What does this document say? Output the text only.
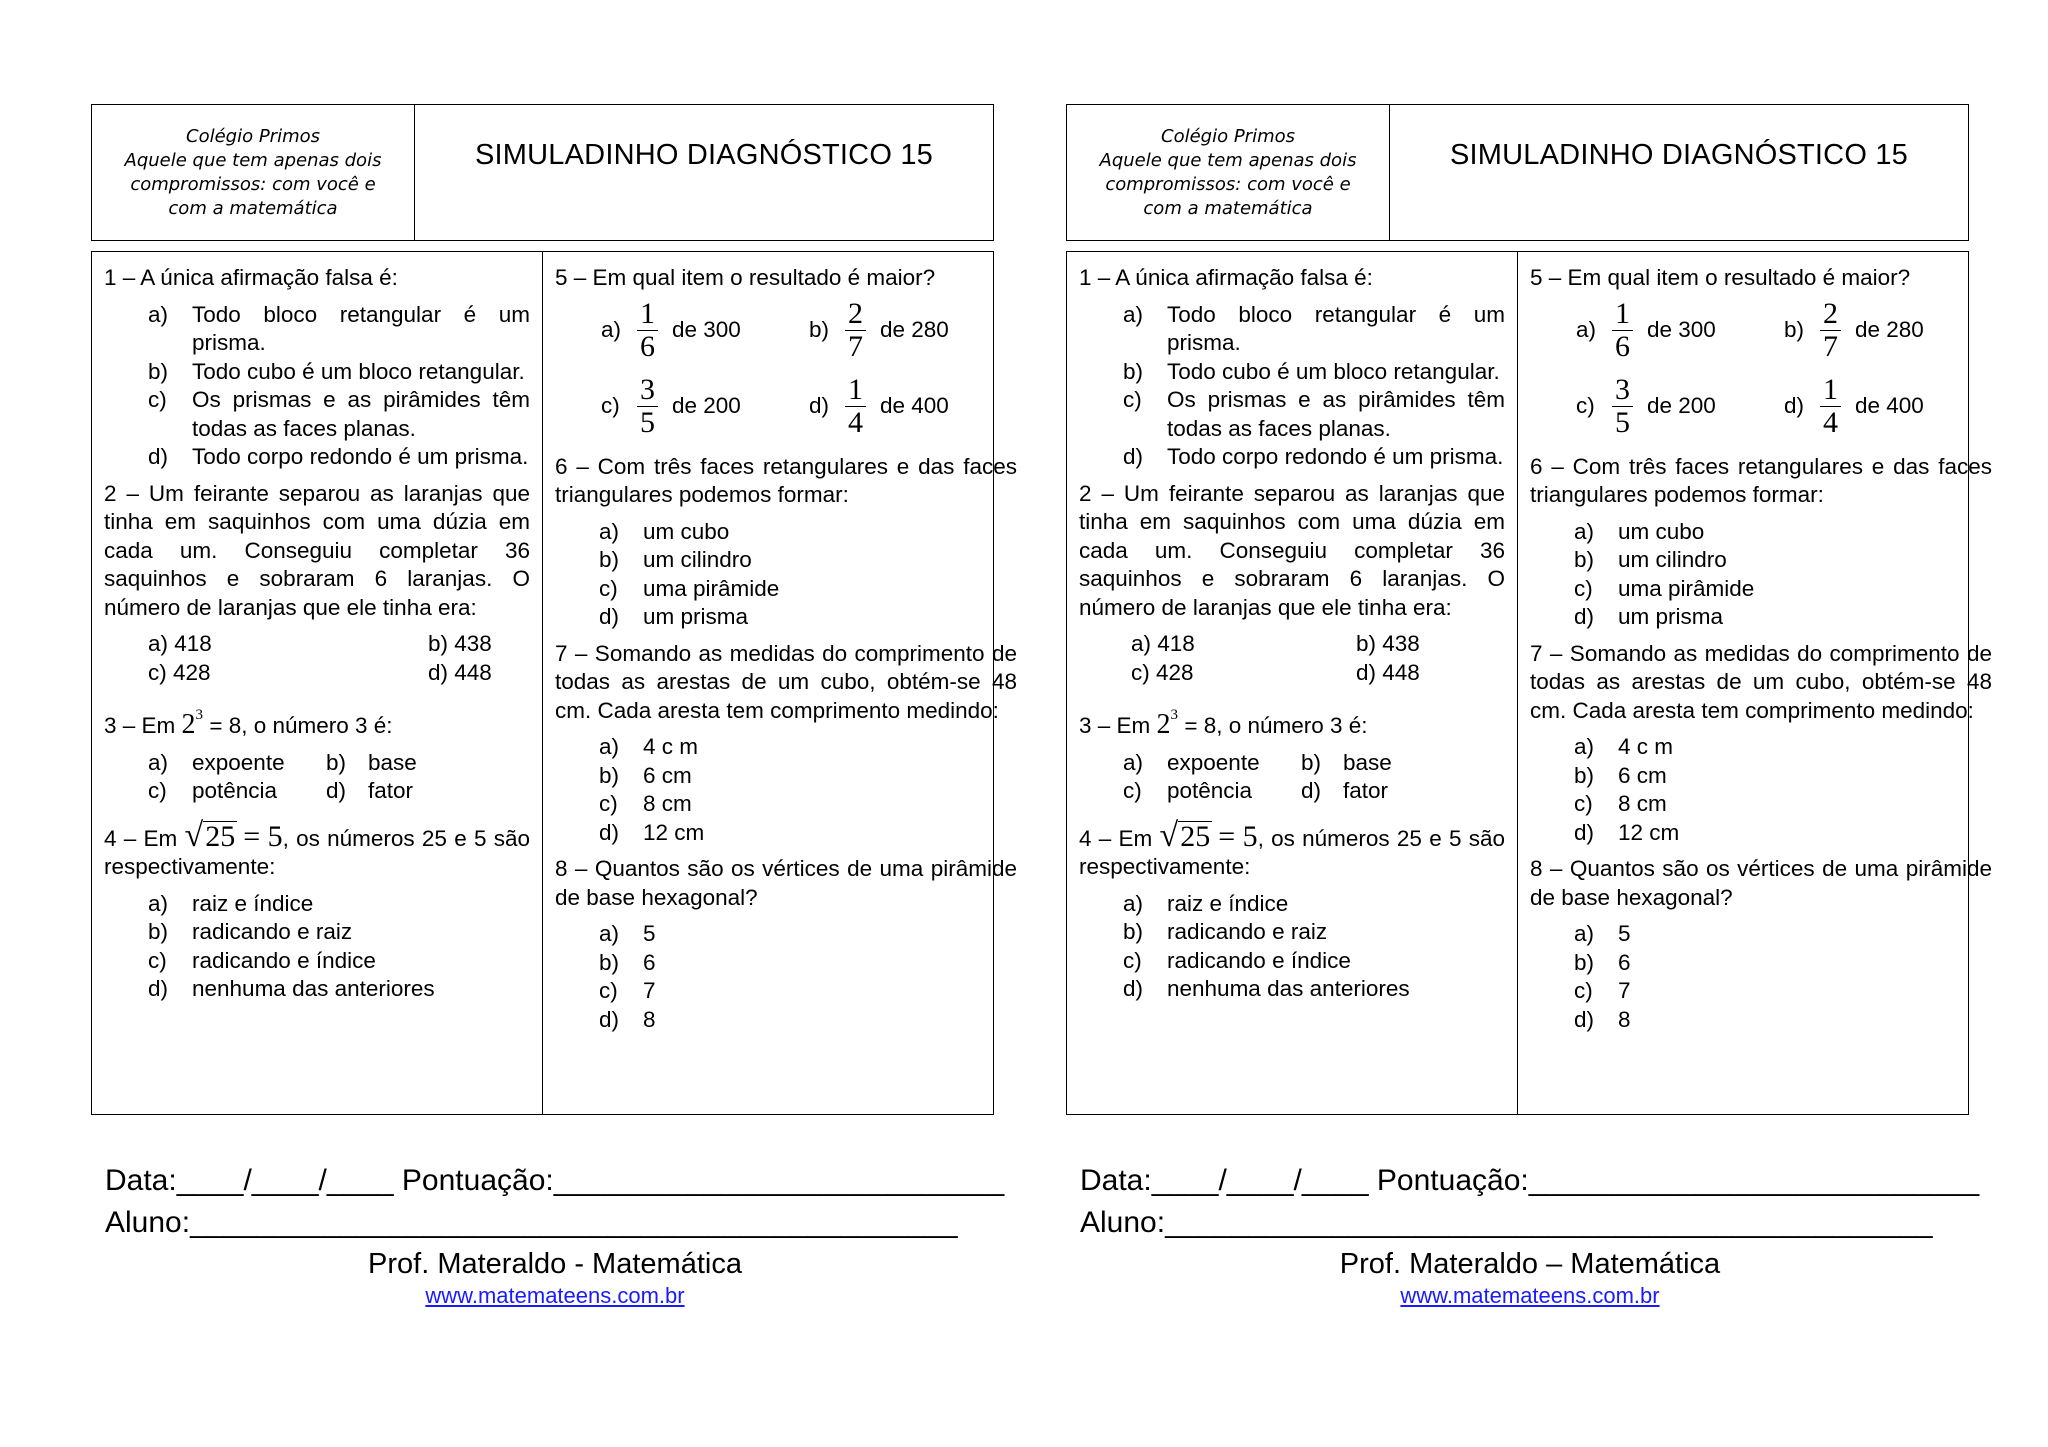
Colégio Primos
Aquele que tem apenas dois
compromissos: com você e
com a matemática
SIMULADINHO DIAGNÓSTICO 15

1 – A única afirmação falsa é:

a)	Todo bloco retangular é um prisma.
b)	Todo cubo é um bloco retangular.
c)	Os prismas e as pirâmides têm todas as faces planas.
d)	Todo corpo redondo é um prisma.

2 – Um feirante separou as laranjas que tinha em saquinhos com uma dúzia em cada um. Conseguiu completar 36 saquinhos e sobraram 6 laranjas. O número de laranjas que ele tinha era:

a) 418	b) 438
c) 428	d) 448

3 – Em $2^3 = 8$, o número 3 é:

a)	expoente b) base
c)	potência d) fator

4 – Em √ 25 = 5 , os números 25 e 5 são respectivamente:

a)	raiz e índice
b)	radicando e raiz
c)	radicando e índice
d)	nenhuma das anteriores

5 – Em qual item o resultado é maior?

$a) \frac{1}{6}$ de 300	$b) \frac{2}{7}$ de 280
$c) \frac{3}{5}$ de 200	$d) \frac{1}{4}$ de 400

6 – Com três faces retangulares e das faces triangulares podemos formar:

a)	um cubo
b)	um cilindro
c)	uma pirâmide
d)	um prisma

7 – Somando as medidas do comprimento de todas as arestas de um cubo, obtém-se 48 cm. Cada aresta tem comprimento medindo:

a)	4 c m
b)	6 cm
c)	8 cm
d)	12 cm

8 – Quantos são os vértices de uma pirâmide de base hexagonal?

a)	5
b)	6
c)	7
d)	8
Colégio Primos
Aquele que tem apenas dois
compromissos: com você e
com a matemática
SIMULADINHO DIAGNÓSTICO 15

1 – A única afirmação falsa é:

a)	Todo bloco retangular é um prisma.
b)	Todo cubo é um bloco retangular.
c)	Os prismas e as pirâmides têm todas as faces planas.
d)	Todo corpo redondo é um prisma.

2 – Um feirante separou as laranjas que tinha em saquinhos com uma dúzia em cada um. Conseguiu completar 36 saquinhos e sobraram 6 laranjas. O número de laranjas que ele tinha era:

a) 418	b) 438
c) 428	d) 448

3 – Em $2^3 = 8$, o número 3 é:

a)	expoente b) base
c)	potência d) fator

4 – Em √ 25 = 5 , os números 25 e 5 são respectivamente:

a)	raiz e índice
b)	radicando e raiz
c)	radicando e índice
d)	nenhuma das anteriores

5 – Em qual item o resultado é maior?

$a) \frac{1}{6}$ de 300	$b) \frac{2}{7}$ de 280
$c) \frac{3}{5}$ de 200	$d) \frac{1}{4}$ de 400

6 – Com três faces retangulares e das faces triangulares podemos formar:

a)	um cubo
b)	um cilindro
c)	uma pirâmide
d)	um prisma

7 – Somando as medidas do comprimento de todas as arestas de um cubo, obtém-se 48 cm. Cada aresta tem comprimento medindo:

a)	4 c m
b)	6 cm
c)	8 cm
d)	12 cm

8 – Quantos são os vértices de uma pirâmide de base hexagonal?

a)	5
b)	6
c)	7
d)	8
Data:____/____/____ Pontuação:___________________________
Aluno:______________________________________________
Prof. Materaldo - Matemática
www.matemateens.com.br
Data:____/____/____ Pontuação:___________________________
Aluno:______________________________________________
Prof. Materaldo – Matemática
www.matemateens.com.br
